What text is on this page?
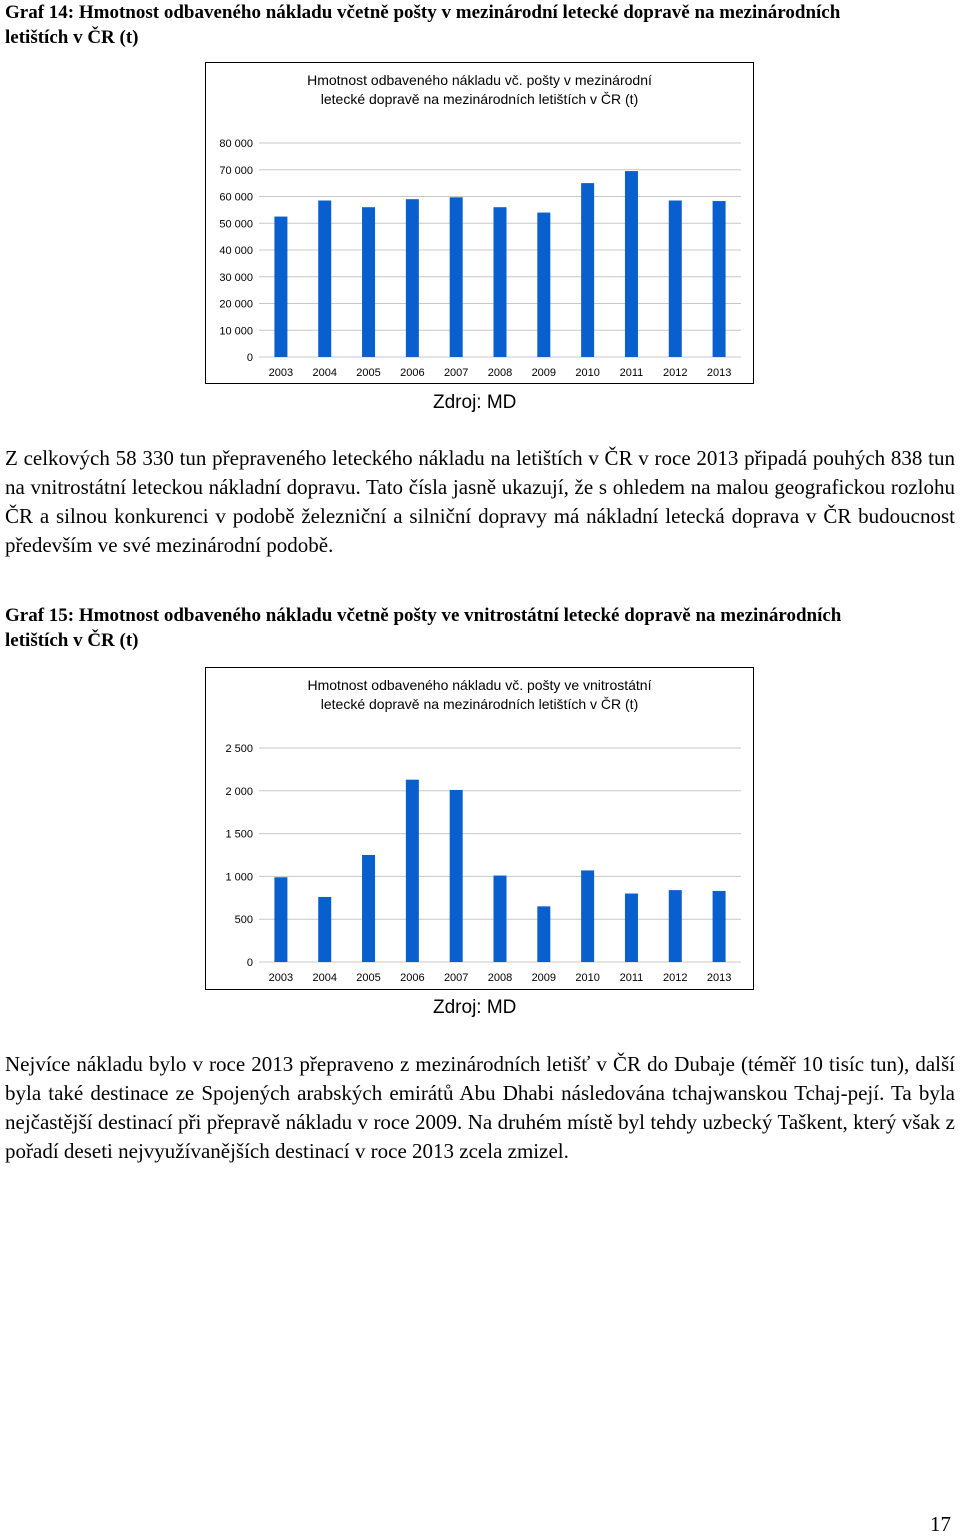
Graf 14: Hmotnost odbaveného nákladu včetně pošty v mezinárodní letecké dopravě na mezinárodních
letištích v ČR (t)
Hmotnost odbaveného nákladu vč. pošty v mezinárodní
letecké dopravě na mezinárodních letištích v ČR (t)
0
10 000
20 000
30 000
40 000
50 000
60 000
70 000
80 000
2003 2004 2005 2006 2007 2008 2009 2010 2011 2012 2013
Zdroj: MD
Z celkových 58 330 tun přepraveného leteckého nákladu na letištích v ČR v roce 2013 připadá pouhých 838 tun na vnitrostátní leteckou nákladní dopravu. Tato čísla jasně ukazují, že s ohledem na malou geografickou rozlohu ČR a silnou konkurenci v podobě železniční a silniční dopravy má nákladní letecká doprava v ČR budoucnost především ve své mezinárodní podobě.
Graf 15: Hmotnost odbaveného nákladu včetně pošty ve vnitrostátní letecké dopravě na mezinárodních
letištích v ČR (t)
Hmotnost odbaveného nákladu vč. pošty ve vnitrostátní
letecké dopravě na mezinárodních letištích v ČR (t)
0
500
1 000
1 500
2 000
2 500
2003 2004 2005 2006 2007 2008 2009 2010 2011 2012 2013
Zdroj: MD
Nejvíce nákladu bylo v roce 2013 přepraveno z mezinárodních letišť v ČR do Dubaje (téměř 10 tisíc tun), další byla také destinace ze Spojených arabských emirátů Abu Dhabi následována tchajwanskou Tchaj-pejí. Ta byla nejčastější destinací při přepravě nákladu v roce 2009. Na druhém místě byl tehdy uzbecký Taškent, který však z pořadí deseti nejvyužívanějších destinací v roce 2013 zcela zmizel.
17
